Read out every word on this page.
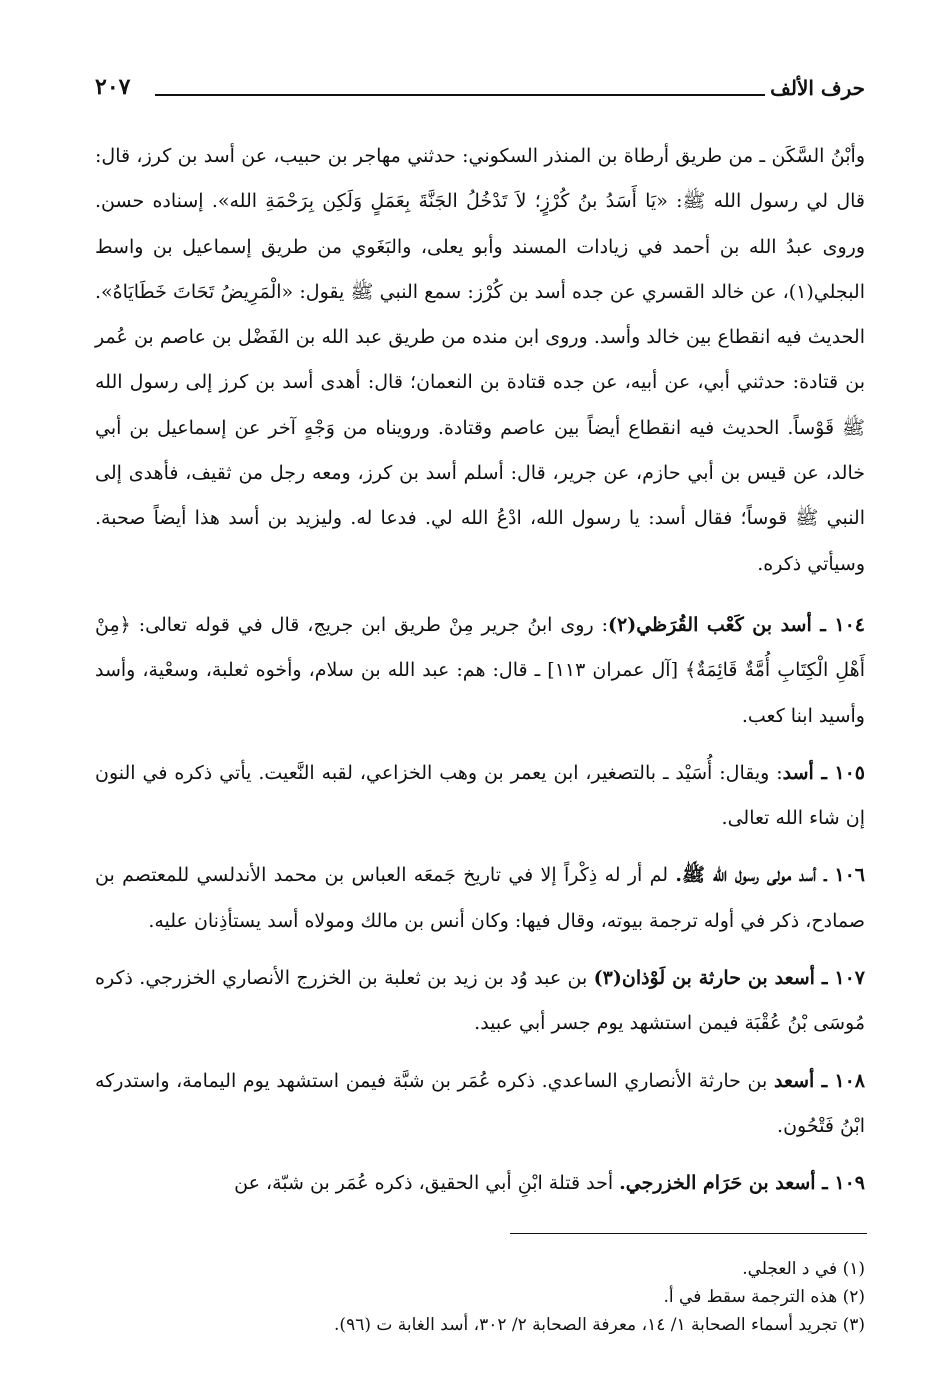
حرف الألف
٢٠٧

وأبْنُ السَّكَن ـ من طريق أرطاة بن المنذر السكوني: حدثني مهاجر بن حبيب، عن أسد بن كرز، قال: قال لي رسول الله ﷺ: «يَا أَسَدُ بنُ كُرْزٍ؛ لاَ تَدْخُلُ الجَنَّةَ بِعَمَلٍ وَلَكِن بِرَحْمَةِ الله». إسناده حسن. وروى عبدُ الله بن أحمد في زيادات المسند وأبو يعلى، والبَغَوي من طريق إسماعيل بن واسط البجلي(١)، عن خالد القسري عن جده أسد بن كُرْز: سمع النبي ﷺ يقول: «الْمَرِيضُ تَحَاتَ خَطَايَاهُ». الحديث فيه انقطاع بين خالد وأسد. وروى ابن منده من طريق عبد الله بن الفَضْل بن عاصم بن عُمر بن قتادة: حدثني أبي، عن أبيه، عن جده قتادة بن النعمان؛ قال: أهدى أسد بن كرز إلى رسول الله ﷺ قَوْساً. الحديث فيه انقطاع أيضاً بين عاصم وقتادة. ورويناه من وَجْهٍ آخر عن إسماعيل بن أبي خالد، عن قيس بن أبي حازم، عن جرير، قال: أسلم أسد بن كرز، ومعه رجل من ثقيف، فأهدى إلى النبي ﷺ قوساً؛ فقال أسد: يا رسول الله، ادْعُ الله لي. فدعا له. وليزيد بن أسد هذا أيضاً صحبة. وسيأتي ذكره.

١٠٤ ـ أسد بن كَعْب القُرَظي(٢): روى ابنُ جرير مِنْ طريق ابن جريج، قال في قوله تعالى: ﴿مِنْ أَهْلِ الْكِتَابِ أُمَّةٌ قَائِمَةٌ﴾ [آل عمران ١١٣] ـ قال: هم: عبد الله بن سلام، وأخوه ثعلبة، وسعْية، وأسد وأسيد ابنا كعب.

١٠٥ ـ أسد: ويقال: أُسَيْد ـ بالتصغير، ابن يعمر بن وهب الخزاعي، لقبه النَّعيت. يأتي ذكره في النون إن شاء الله تعالى.

١٠٦ ـ أسد مولى رسول الله ﷺ. لم أر له ذِكْراً إلا في تاريخ جَمعَه العباس بن محمد الأندلسي للمعتصم بن صمادح، ذكر في أوله ترجمة بيوته، وقال فيها: وكان أنس بن مالك ومولاه أسد يستأذِنان عليه.

١٠٧ ـ أسعد بن حارثة بن لَوْذان(٣) بن عبد وُد بن زيد بن ثعلبة بن الخزرج الأنصاري الخزرجي. ذكره مُوسَى بْنُ عُقْبَة فيمن استشهد يوم جسر أبي عبيد.

١٠٨ ـ أسعد بن حارثة الأنصاري الساعدي. ذكره عُمَر بن شبَّة فيمن استشهد يوم اليمامة، واستدركه ابْنُ فَتْحُون.

١٠٩ ـ أسعد بن حَرَام الخزرجي. أحد قتلة ابْنِ أبي الحقيق، ذكره عُمَر بن شبّة، عن

(١) في د العجلي.

(٢) هذه الترجمة سقط في أ.

(٣) تجريد أسماء الصحابة ١/ ١٤، معرفة الصحابة ٢/ ٣٠٢، أسد الغابة ت (٩٦).
